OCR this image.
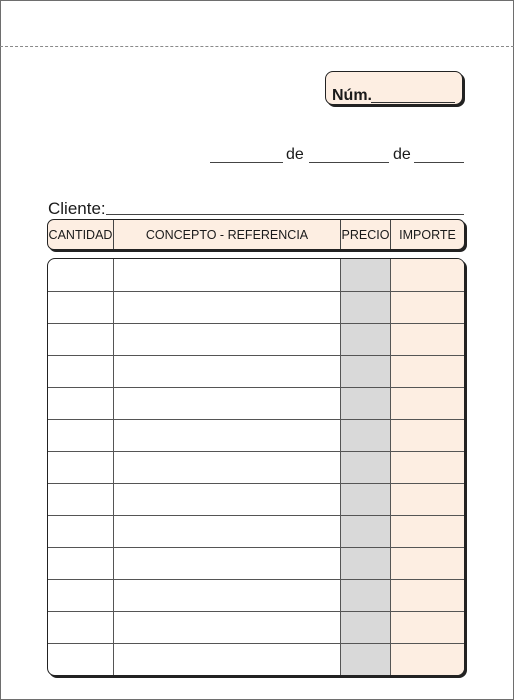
Núm.
de	de
Cliente:
CANTIDAD	CONCEPTO - REFERENCIA	PRECIO IMPORTE
